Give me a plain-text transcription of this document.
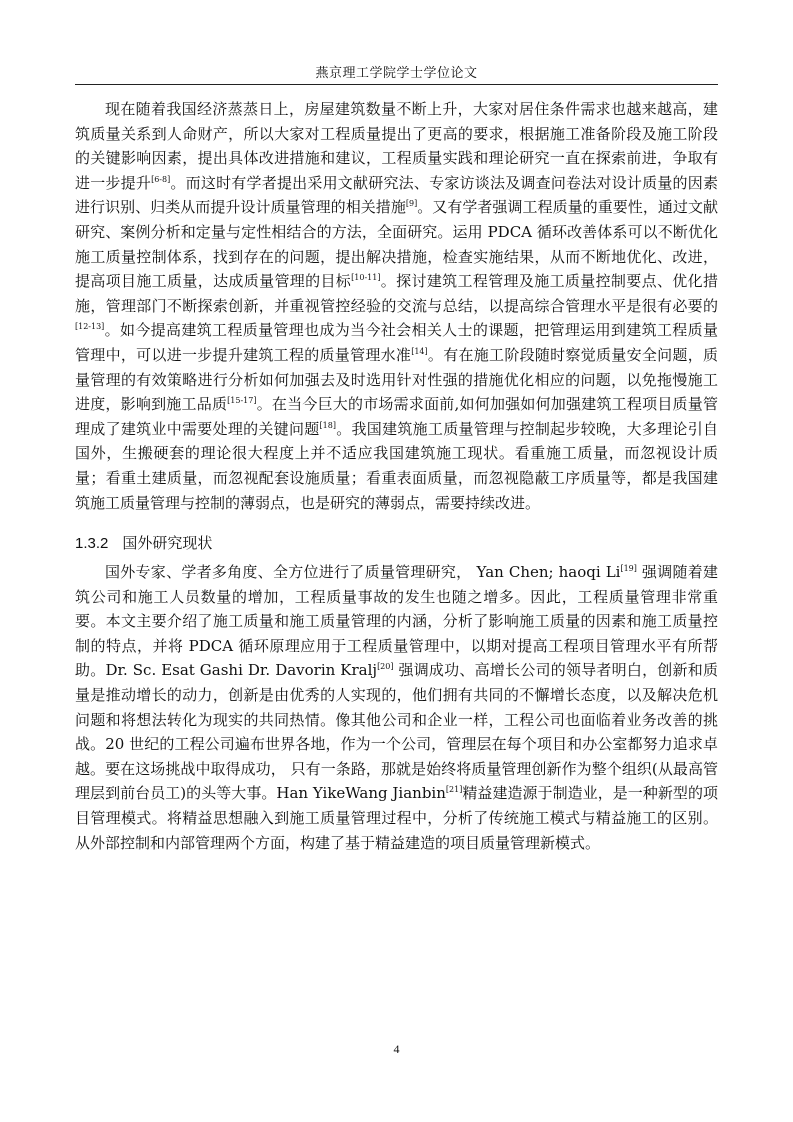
燕京理工学院学士学位论文

现在随着我国经济蒸蒸日上，房屋建筑数量不断上升，大家对居住条件需求也越来越高，建筑质量关系到人命财产，所以大家对工程质量提出了更高的要求，根据施工准备阶段及施工阶段的关键影响因素，提出具体改进措施和建议，工程质量实践和理论研究一直在探索前进，争取有进一步提升[6-8]。而这时有学者提出采用文献研究法、专家访谈法及调查问卷法对设计质量的因素进行识别、归类从而提升设计质量管理的相关措施[9]。又有学者强调工程质量的重要性，通过文献研究、案例分析和定量与定性相结合的方法，全面研究。运用 PDCA 循环改善体系可以不断优化施工质量控制体系，找到存在的问题，提出解决措施，检查实施结果，从而不断地优化、改进，提高项目施工质量，达成质量管理的目标[10-11]。探讨建筑工程管理及施工质量控制要点、优化措施，管理部门不断探索创新，并重视管控经验的交流与总结，以提高综合管理水平是很有必要的[12-13]。如今提高建筑工程质量管理也成为当今社会相关人士的课题，把管理运用到建筑工程质量管理中，可以进一步提升建筑工程的质量管理水准[14]。有在施工阶段随时察觉质量安全问题，质量管理的有效策略进行分析如何加强去及时选用针对性强的措施优化相应的问题，以免拖慢施工进度，影响到施工品质[15-17]。在当今巨大的市场需求面前,如何加强如何加强建筑工程项目质量管理成了建筑业中需要处理的关键问题[18]。我国建筑施工质量管理与控制起步较晚，大多理论引自国外，生搬硬套的理论很大程度上并不适应我国建筑施工现状。看重施工质量，而忽视设计质量；看重土建质量，而忽视配套设施质量；看重表面质量，而忽视隐蔽工序质量等，都是我国建筑施工质量管理与控制的薄弱点，也是研究的薄弱点，需要持续改进。

1.3.2 国外研究现状

国外专家、学者多角度、全方位进行了质量管理研究， Yan Chen; haoqi Li[19] 强调随着建筑公司和施工人员数量的增加，工程质量事故的发生也随之增多。因此，工程质量管理非常重要。本文主要介绍了施工质量和施工质量管理的内涵，分析了影响施工质量的因素和施工质量控制的特点，并将 PDCA 循环原理应用于工程质量管理中，以期对提高工程项目管理水平有所帮助。Dr. Sc. Esat Gashi Dr. Davorin Kralj[20] 强调成功、高增长公司的领导者明白，创新和质量是推动增长的动力，创新是由优秀的人实现的，他们拥有共同的不懈增长态度，以及解决危机问题和将想法转化为现实的共同热情。像其他公司和企业一样，工程公司也面临着业务改善的挑战。20 世纪的工程公司遍布世界各地，作为一个公司，管理层在每个项目和办公室都努力追求卓越。要在这场挑战中取得成功， 只有一条路，那就是始终将质量管理创新作为整个组织(从最高管理层到前台员工)的头等大事。Han YikeWang Jianbin[21]精益建造源于制造业，是一种新型的项目管理模式。将精益思想融入到施工质量管理过程中，分析了传统施工模式与精益施工的区别。从外部控制和内部管理两个方面，构建了基于精益建造的项目质量管理新模式。

4
